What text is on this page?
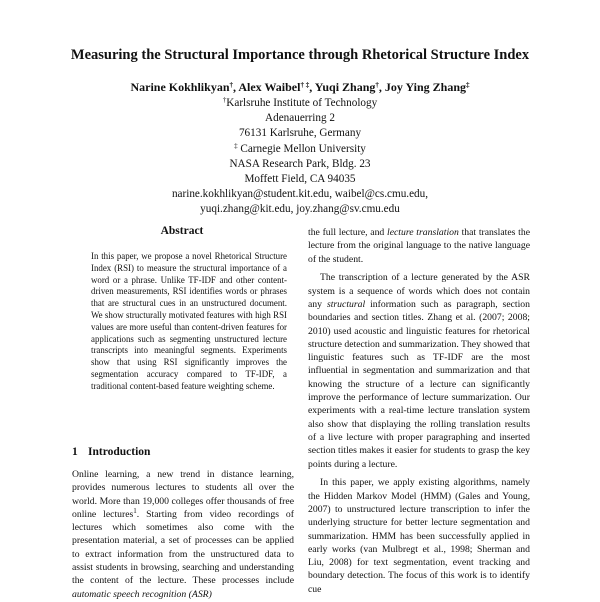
Measuring the Structural Importance through Rhetorical Structure Index
Narine Kokhlikyan†, Alex Waibel† ‡, Yuqi Zhang†, Joy Ying Zhang‡
†Karlsruhe Institute of Technology
Adenauerring 2
76131 Karlsruhe, Germany
‡ Carnegie Mellon University
NASA Research Park, Bldg. 23
Moffett Field, CA 94035
narine.kokhlikyan@student.kit.edu, waibel@cs.cmu.edu,
yuqi.zhang@kit.edu, joy.zhang@sv.cmu.edu
Abstract

In this paper, we propose a novel Rhetorical Structure Index (RSI) to measure the structural importance of a word or a phrase. Unlike TF-IDF and other content-driven measurements, RSI identifies words or phrases that are structural cues in an unstructured document. We show structurally motivated features with high RSI values are more useful than content-driven features for applications such as segmenting unstructured lecture transcripts into meaningful segments. Experiments show that using RSI significantly improves the segmentation accuracy compared to TF-IDF, a traditional content-based feature weighting scheme.

1 Introduction

Online learning, a new trend in distance learning, provides numerous lectures to students all over the world. More than 19,000 colleges offer thousands of free online lectures$^1$. Starting from video recordings of lectures which sometimes also come with the presentation material, a set of processes can be applied to extract information from the unstructured data to assist students in browsing, searching and understanding the content of the lecture. These processes include automatic speech recognition (ASR)

the full lecture, and lecture translation that translates the lecture from the original language to the native language of the student.

The transcription of a lecture generated by the ASR system is a sequence of words which does not contain any structural information such as paragraph, section boundaries and section titles. Zhang et al. (2007; 2008; 2010) used acoustic and linguistic features for rhetorical structure detection and summarization. They showed that linguistic features such as TF-IDF are the most influential in segmentation and summarization and that knowing the structure of a lecture can significantly improve the performance of lecture summarization. Our experiments with a real-time lecture translation system also show that displaying the rolling translation results of a live lecture with proper paragraphing and inserted section titles makes it easier for students to grasp the key points during a lecture.

In this paper, we apply existing algorithms, namely the Hidden Markov Model (HMM) (Gales and Young, 2007) to unstructured lecture transcription to infer the underlying structure for better lecture segmentation and summarization. HMM has been successfully applied in early works (van Mulbregt et al., 1998; Sherman and Liu, 2008) for text segmentation, event tracking and boundary detection. The focus of this work is to identify cue
